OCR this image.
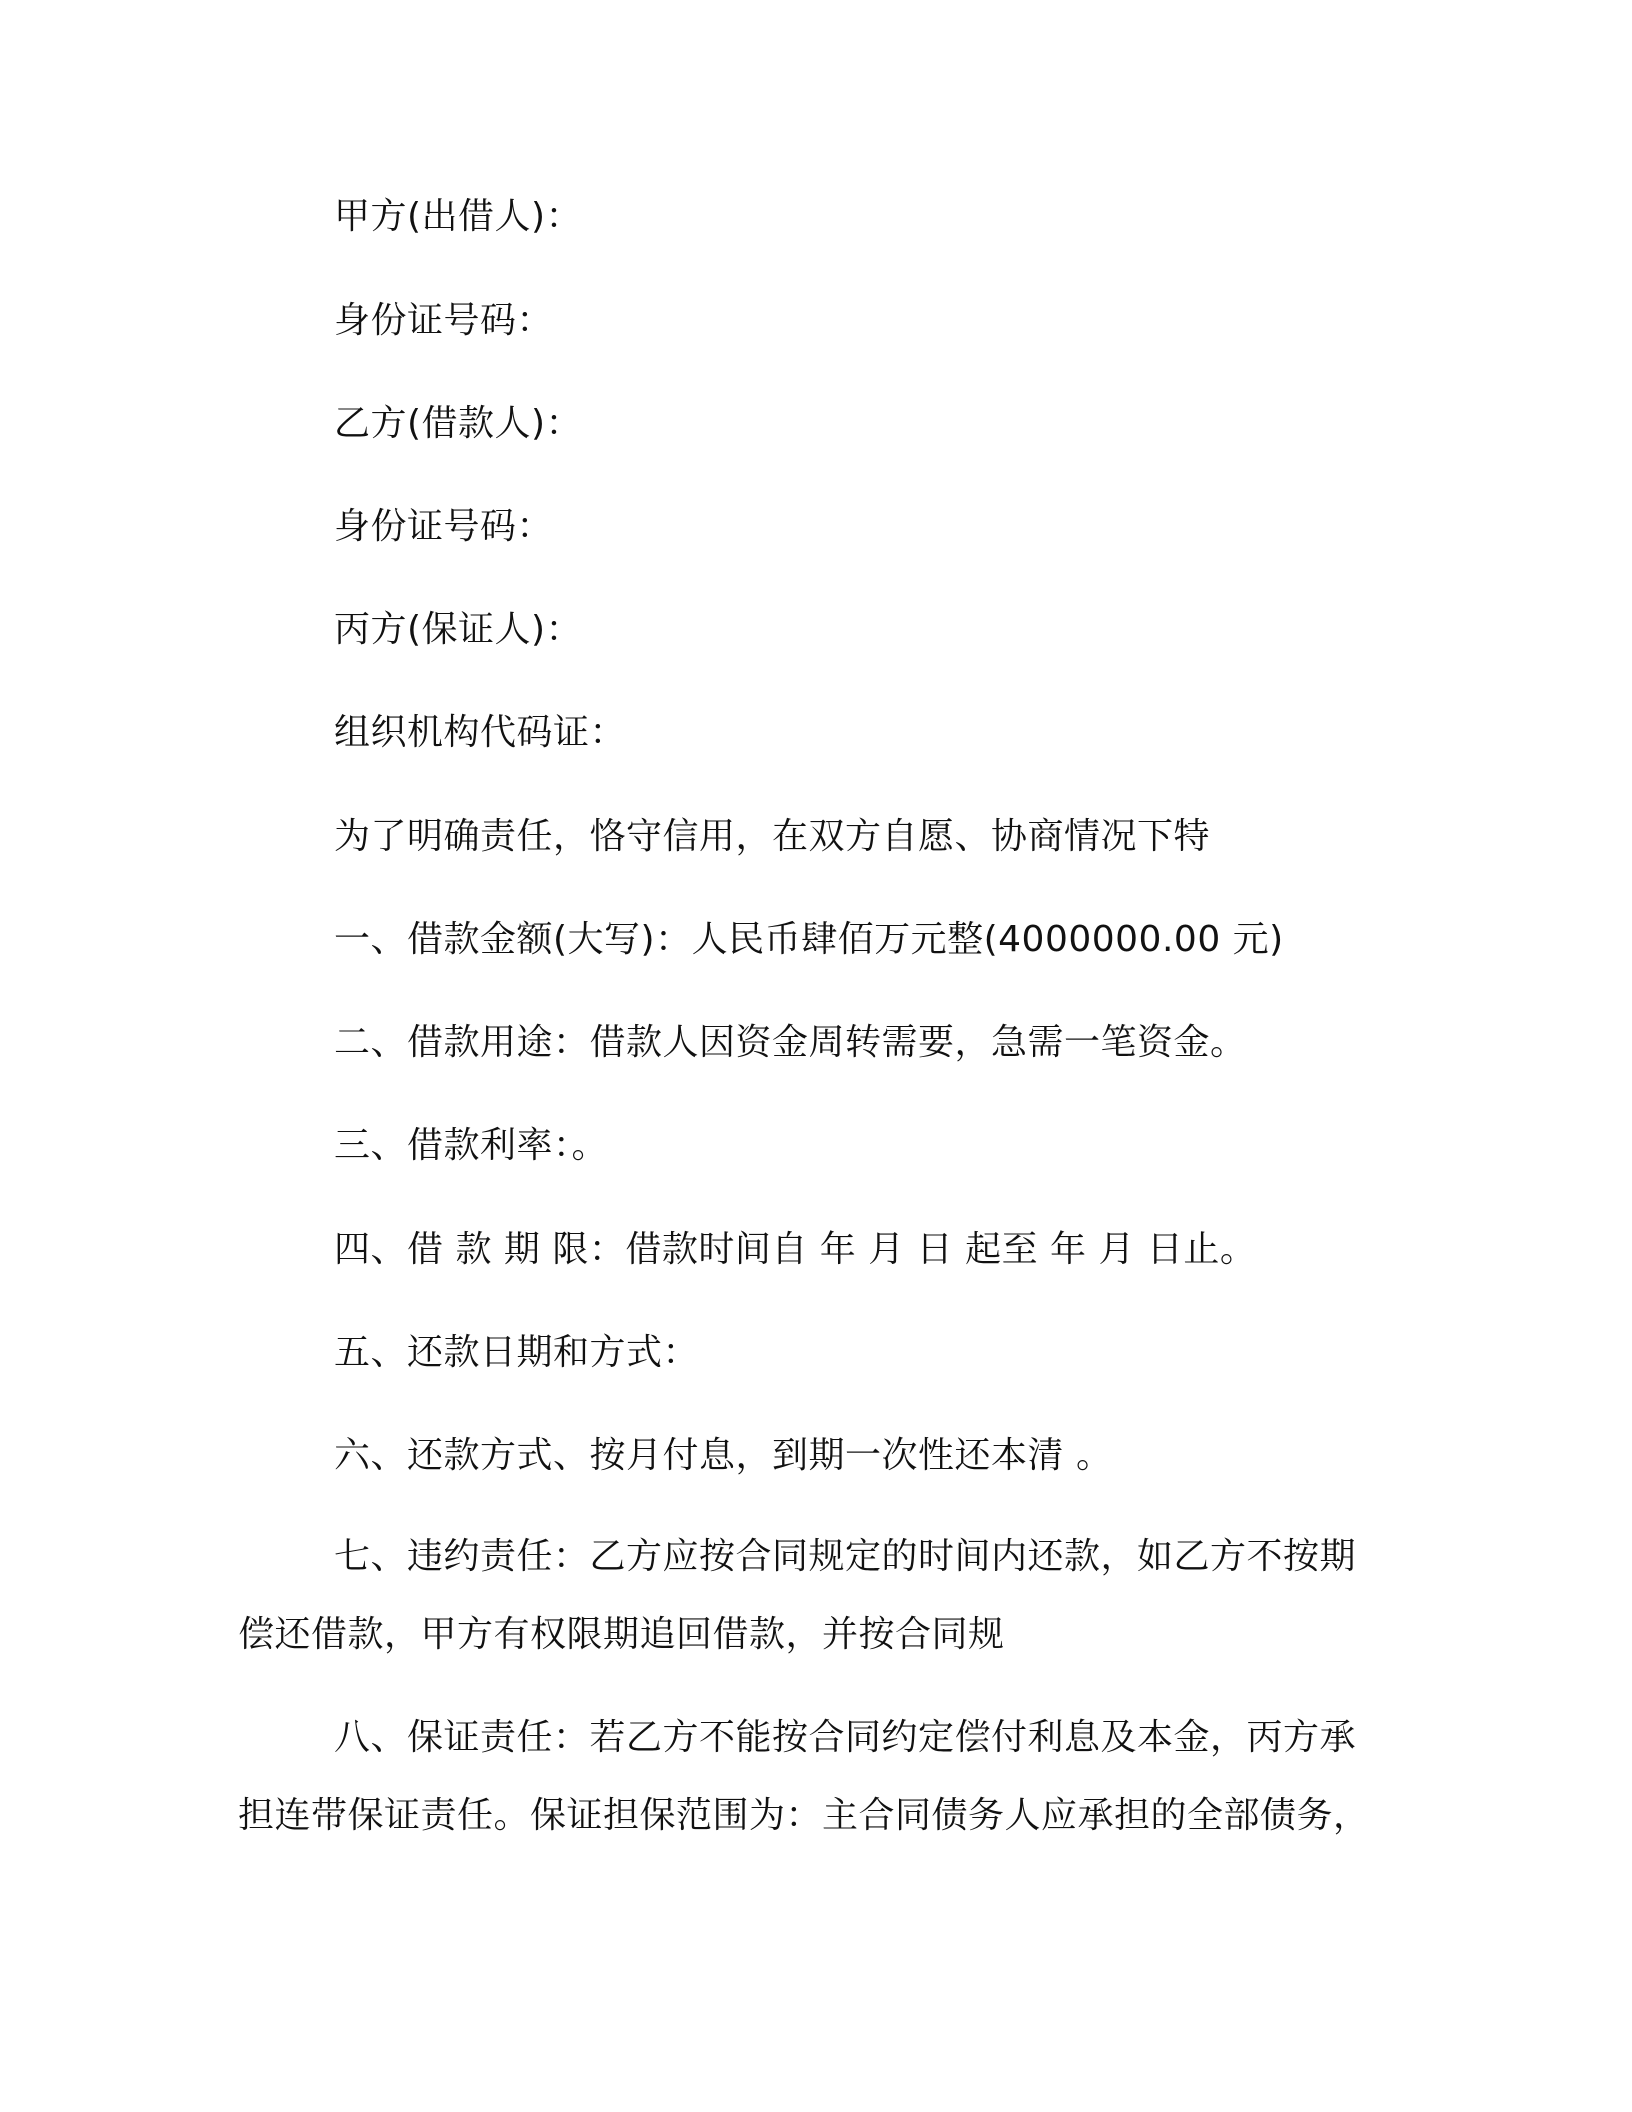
甲方(出借人)：
身份证号码：
乙方(借款人)：
身份证号码：
丙方(保证人)：
组织机构代码证：
为了明确责任，恪守信用，在双方自愿、协商情况下特
一、借款金额(大写)：人民币肆佰万元整(4000000.00 元)
二、借款用途：借款人因资金周转需要，急需一笔资金。
三、借款利率：。
四、借 款 期 限：借款时间自 年 月 日 起至 年 月 日止。
五、还款日期和方式：
六、还款方式、按月付息，到期一次性还本清 。

七、违约责任：乙方应按合同规定的时间内还款，如乙方不按期偿还借款，甲方有权限期追回借款，并按合同规

八、保证责任：若乙方不能按合同约定偿付利息及本金，丙方承担连带保证责任。保证担保范围为：主合同债务人应承担的全部债务，
